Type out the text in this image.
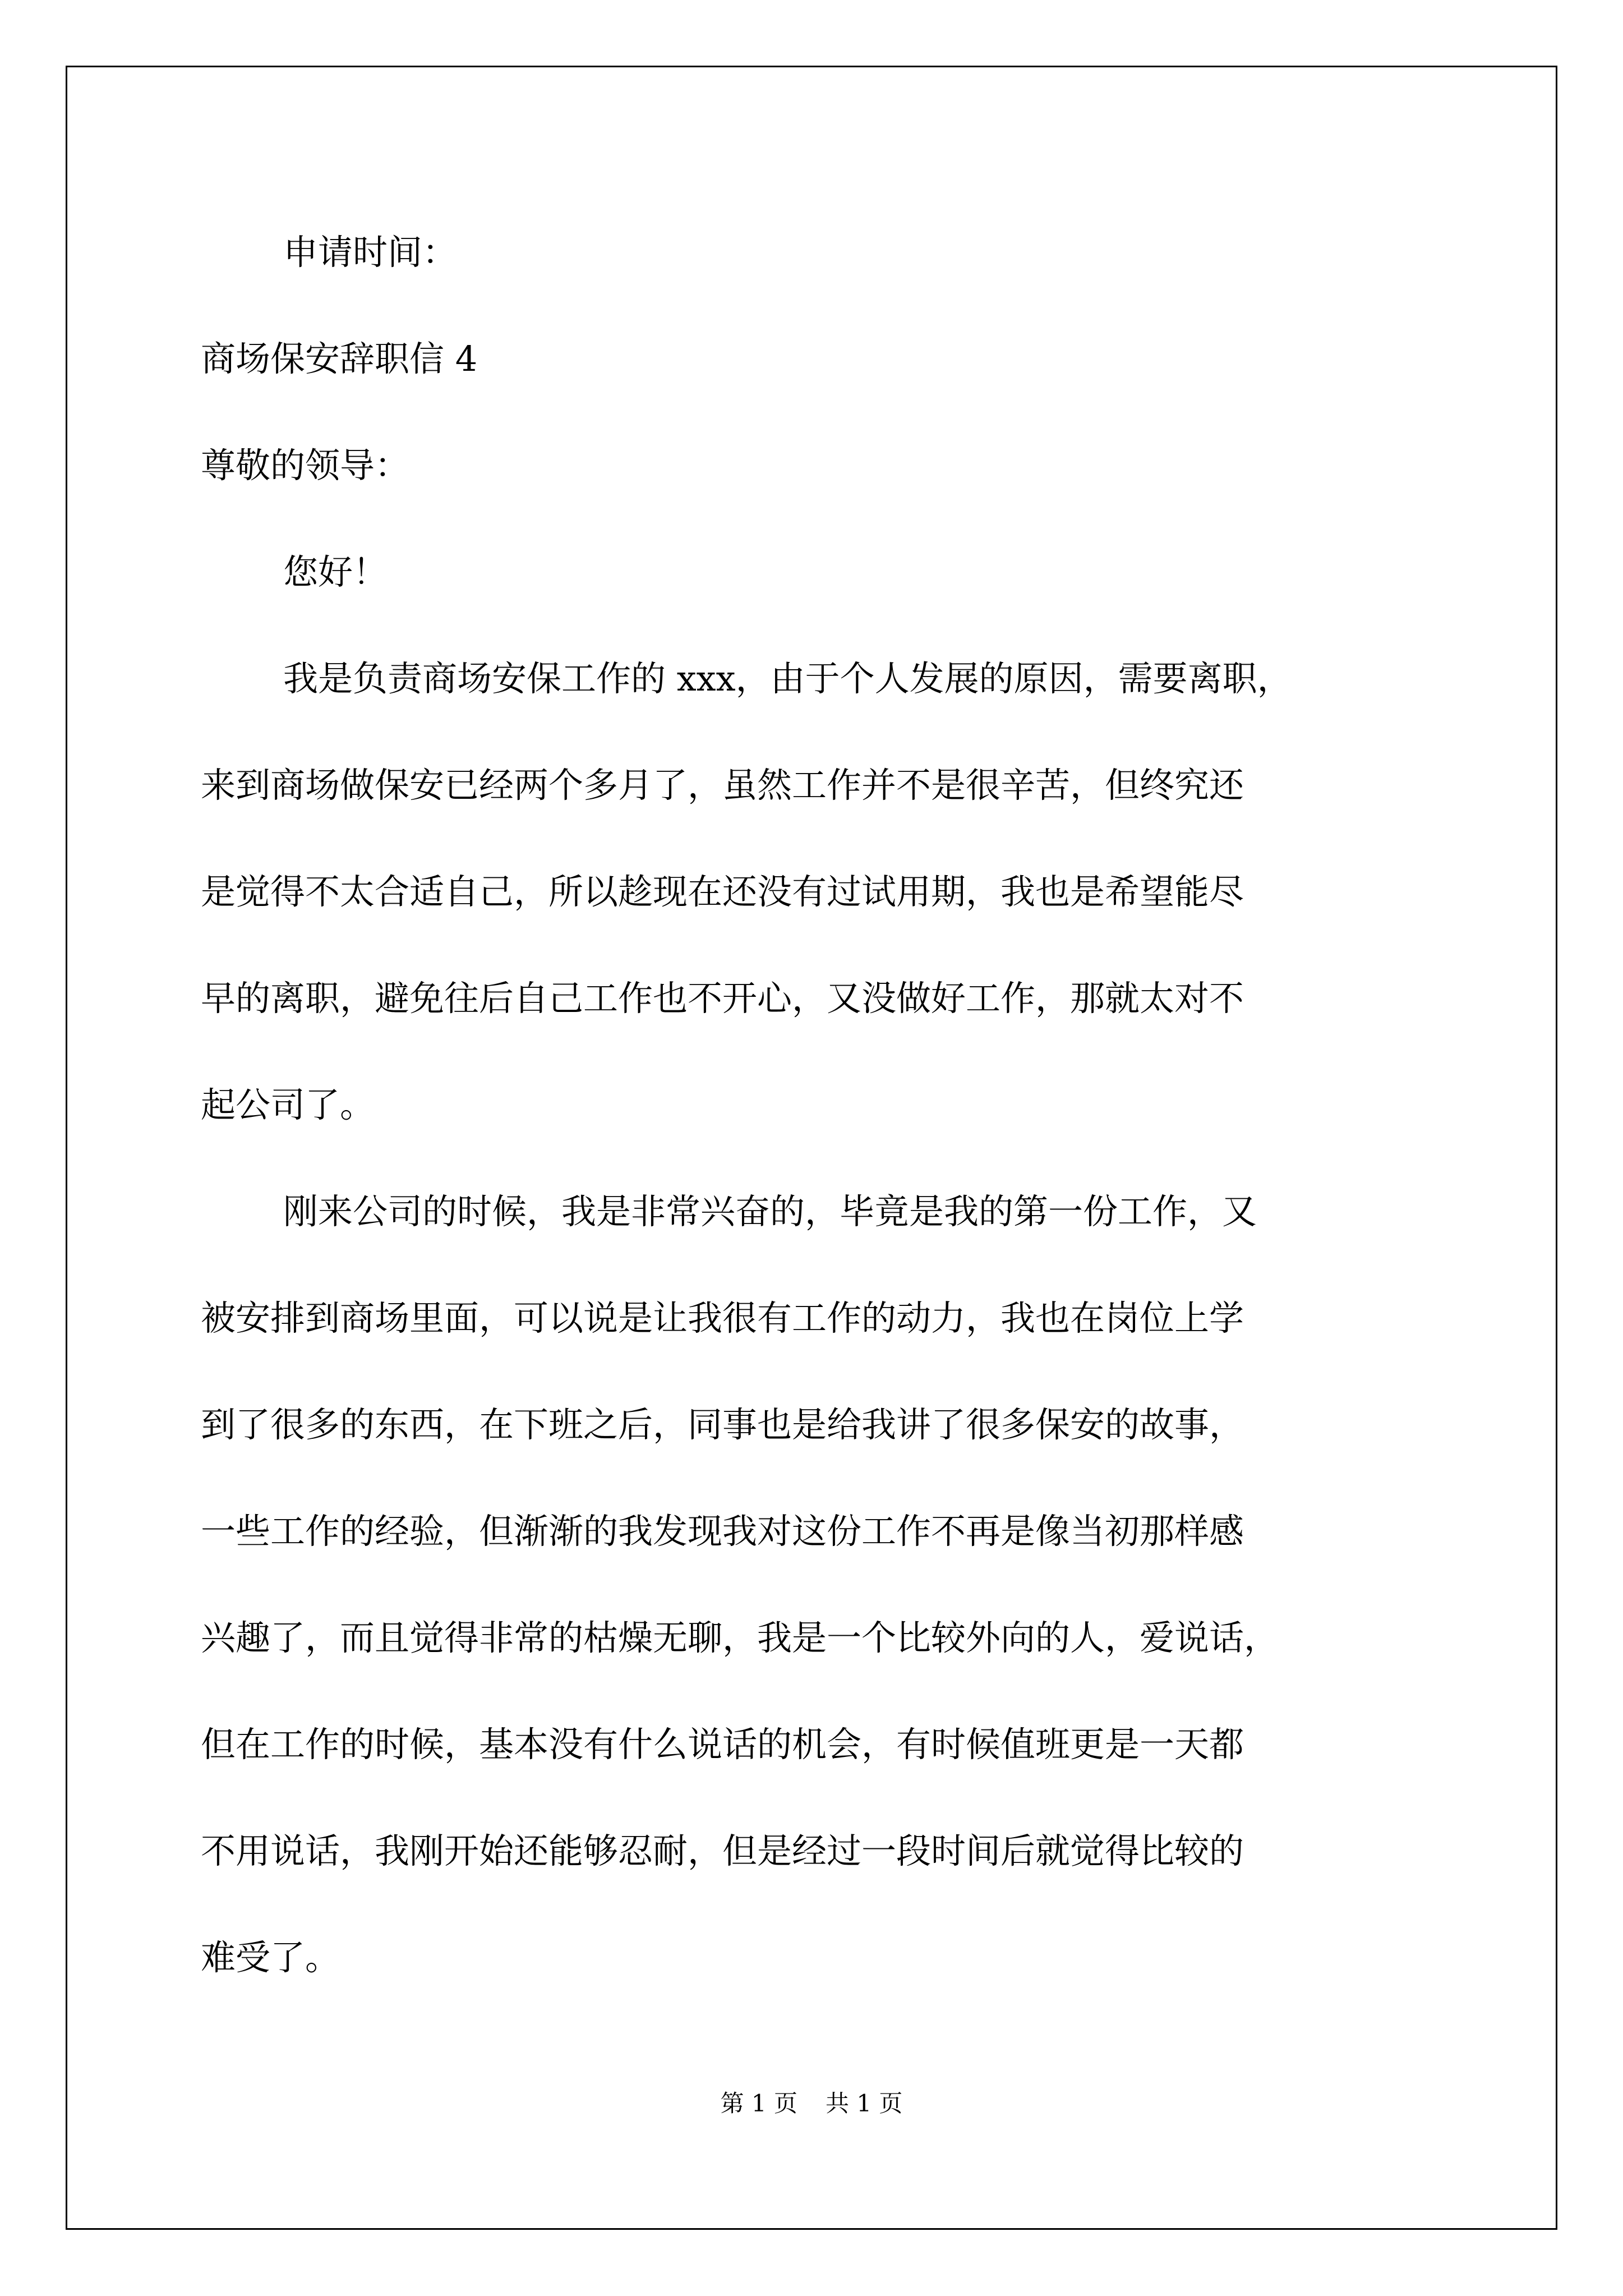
申请时间：

商场保安辞职信 4

尊敬的领导：

您好！

我是负责商场安保工作的 xxx，由于个人发展的原因，需要离职，

来到商场做保安已经两个多月了，虽然工作并不是很辛苦，但终究还

是觉得不太合适自己，所以趁现在还没有过试用期，我也是希望能尽

早的离职，避免往后自己工作也不开心，又没做好工作，那就太对不

起公司了。

刚来公司的时候，我是非常兴奋的，毕竟是我的第一份工作，又

被安排到商场里面，可以说是让我很有工作的动力，我也在岗位上学

到了很多的东西，在下班之后，同事也是给我讲了很多保安的故事，

一些工作的经验，但渐渐的我发现我对这份工作不再是像当初那样感

兴趣了，而且觉得非常的枯燥无聊，我是一个比较外向的人，爱说话，

但在工作的时候，基本没有什么说话的机会，有时候值班更是一天都

不用说话，我刚开始还能够忍耐，但是经过一段时间后就觉得比较的

难受了。

第 1 页 共 1 页
